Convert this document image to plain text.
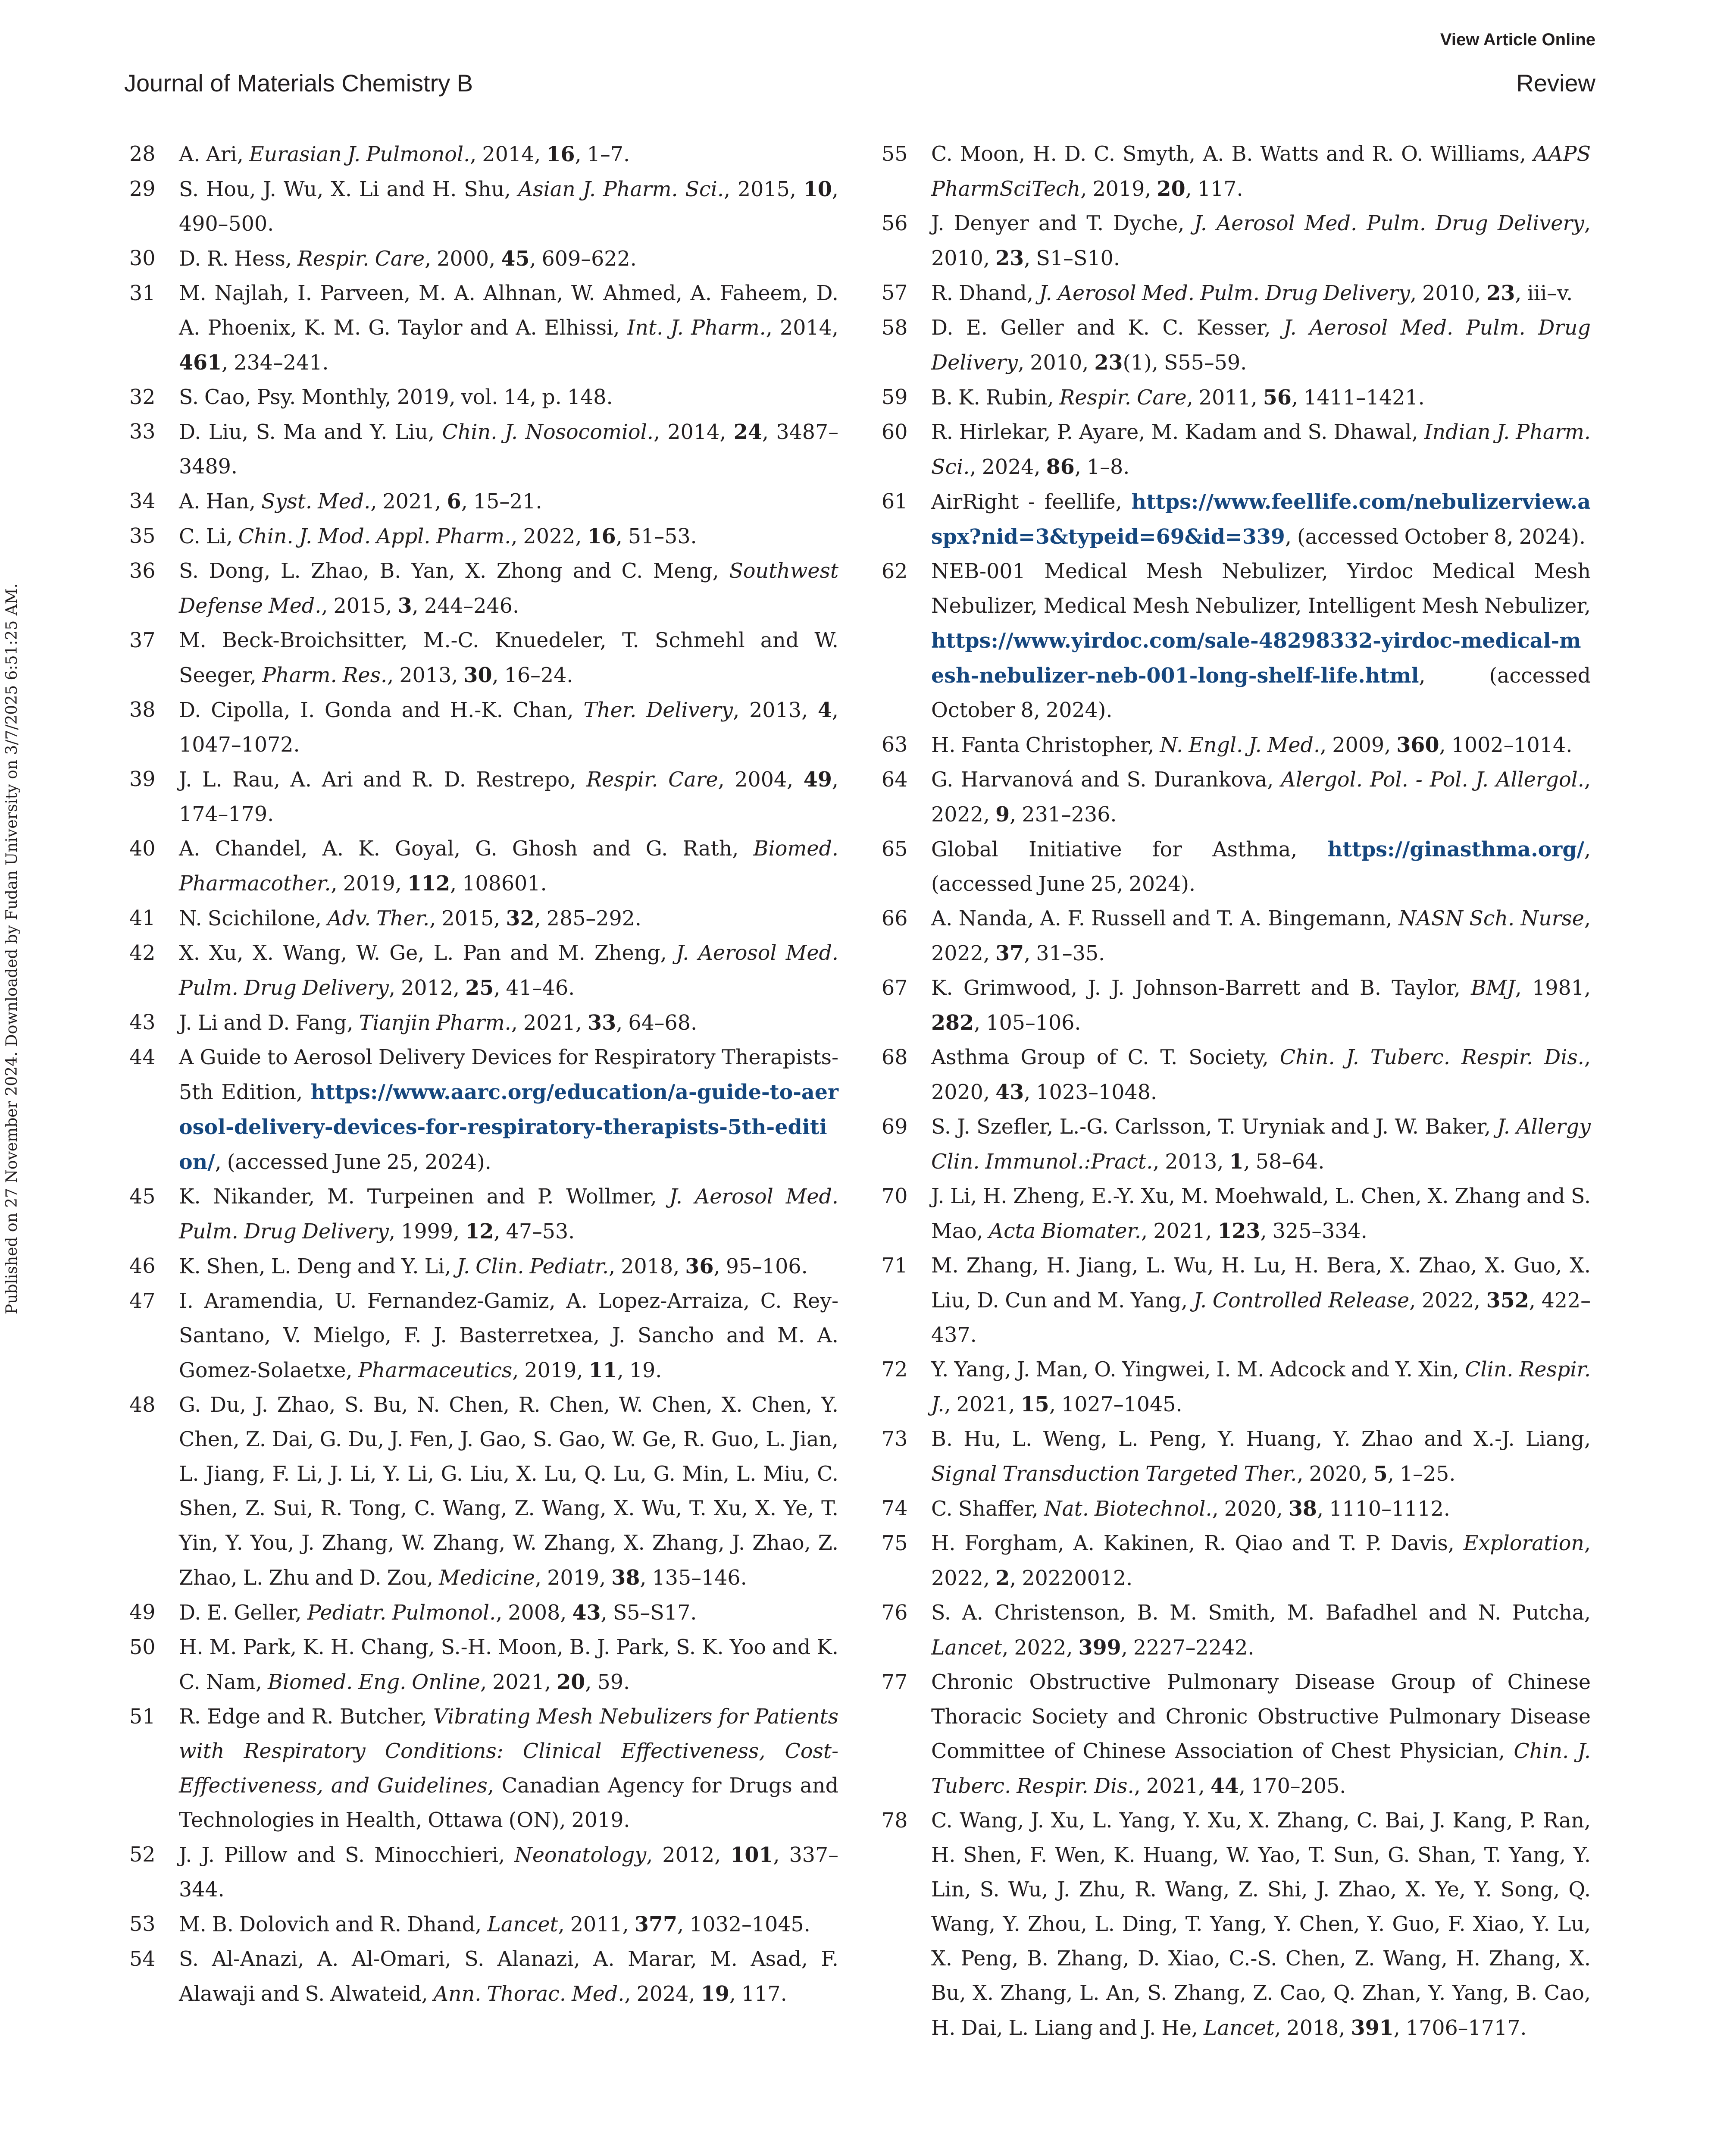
View Article Online
Journal of Materials Chemistry B	Review
Published on 27 November 2024. Downloaded by Fudan University on 3/7/2025 6:51:25 AM.
28	A. Ari, Eurasian J. Pulmonol., 2014, 16, 1–7.
29	S. Hou, J. Wu, X. Li and H. Shu, Asian J. Pharm. Sci., 2015, 10, 490–500.
30	D. R. Hess, Respir. Care, 2000, 45, 609–622.
31	M. Najlah, I. Parveen, M. A. Alhnan, W. Ahmed, A. Faheem, D. A. Phoenix, K. M. G. Taylor and A. Elhissi, Int. J. Pharm., 2014, 461, 234–241.
32	S. Cao, Psy. Monthly, 2019, vol. 14, p. 148.
33	D. Liu, S. Ma and Y. Liu, Chin. J. Nosocomiol., 2014, 24, 3487–3489.
34	A. Han, Syst. Med., 2021, 6, 15–21.
35	C. Li, Chin. J. Mod. Appl. Pharm., 2022, 16, 51–53.
36	S. Dong, L. Zhao, B. Yan, X. Zhong and C. Meng, Southwest Defense Med., 2015, 3, 244–246.
37	M. Beck-Broichsitter, M.-C. Knuedeler, T. Schmehl and W. Seeger, Pharm. Res., 2013, 30, 16–24.
38	D. Cipolla, I. Gonda and H.-K. Chan, Ther. Delivery, 2013, 4, 1047–1072.
39	J. L. Rau, A. Ari and R. D. Restrepo, Respir. Care, 2004, 49, 174–179.
40	A. Chandel, A. K. Goyal, G. Ghosh and G. Rath, Biomed. Pharmacother., 2019, 112, 108601.
41	N. Scichilone, Adv. Ther., 2015, 32, 285–292.
42	X. Xu, X. Wang, W. Ge, L. Pan and M. Zheng, J. Aerosol Med. Pulm. Drug Delivery, 2012, 25, 41–46.
43	J. Li and D. Fang, Tianjin Pharm., 2021, 33, 64–68.
44	A Guide to Aerosol Delivery Devices for Respiratory Therapists- 5th Edition, https://www.aarc.org/education/a-guide-to-aerosol-delivery-devices-for-respiratory-therapists-5th-edition/, (accessed June 25, 2024).
45	K. Nikander, M. Turpeinen and P. Wollmer, J. Aerosol Med. Pulm. Drug Delivery, 1999, 12, 47–53.
46	K. Shen, L. Deng and Y. Li, J. Clin. Pediatr., 2018, 36, 95–106.
47	I. Aramendia, U. Fernandez-Gamiz, A. Lopez-Arraiza, C. Rey-Santano, V. Mielgo, F. J. Basterretxea, J. Sancho and M. A. Gomez-Solaetxe, Pharmaceutics, 2019, 11, 19.
48	G. Du, J. Zhao, S. Bu, N. Chen, R. Chen, W. Chen, X. Chen, Y. Chen, Z. Dai, G. Du, J. Fen, J. Gao, S. Gao, W. Ge, R. Guo, L. Jian, L. Jiang, F. Li, J. Li, Y. Li, G. Liu, X. Lu, Q. Lu, G. Min, L. Miu, C. Shen, Z. Sui, R. Tong, C. Wang, Z. Wang, X. Wu, T. Xu, X. Ye, T. Yin, Y. You, J. Zhang, W. Zhang, W. Zhang, X. Zhang, J. Zhao, Z. Zhao, L. Zhu and D. Zou, Medicine, 2019, 38, 135–146.
49	D. E. Geller, Pediatr. Pulmonol., 2008, 43, S5–S17.
50	H. M. Park, K. H. Chang, S.-H. Moon, B. J. Park, S. K. Yoo and K. C. Nam, Biomed. Eng. Online, 2021, 20, 59.
51	R. Edge and R. Butcher, Vibrating Mesh Nebulizers for Patients with Respiratory Conditions: Clinical Effectiveness, Cost-Effectiveness, and Guidelines, Canadian Agency for Drugs and Technologies in Health, Ottawa (ON), 2019.
52	J. J. Pillow and S. Minocchieri, Neonatology, 2012, 101, 337–344.
53	M. B. Dolovich and R. Dhand, Lancet, 2011, 377, 1032–1045.
54	S. Al-Anazi, A. Al-Omari, S. Alanazi, A. Marar, M. Asad, F. Alawaji and S. Alwateid, Ann. Thorac. Med., 2024, 19, 117.
55	C. Moon, H. D. C. Smyth, A. B. Watts and R. O. Williams, AAPS PharmSciTech, 2019, 20, 117.
56	J. Denyer and T. Dyche, J. Aerosol Med. Pulm. Drug Delivery, 2010, 23, S1–S10.
57	R. Dhand, J. Aerosol Med. Pulm. Drug Delivery, 2010, 23, iii–v.
58	D. E. Geller and K. C. Kesser, J. Aerosol Med. Pulm. Drug Delivery, 2010, 23(1), S55–59.
59	B. K. Rubin, Respir. Care, 2011, 56, 1411–1421.
60	R. Hirlekar, P. Ayare, M. Kadam and S. Dhawal, Indian J. Pharm. Sci., 2024, 86, 1–8.
61	AirRight - feellife, https://www.feellife.com/nebulizerview.aspx?nid=3&typeid=69&id=339, (accessed October 8, 2024).
62	NEB-001 Medical Mesh Nebulizer, Yirdoc Medical Mesh Nebulizer, Medical Mesh Nebulizer, Intelligent Mesh Nebulizer, https://www.yirdoc.com/sale-48298332-yirdoc-medical-mesh-nebulizer-neb-001-long-shelf-life.html, (accessed October 8, 2024).
63	H. Fanta Christopher, N. Engl. J. Med., 2009, 360, 1002–1014.
64	G. Harvanová and S. Durankova, Alergol. Pol. - Pol. J. Allergol., 2022, 9, 231–236.
65	Global Initiative for Asthma, https://ginasthma.org/, (accessed June 25, 2024).
66	A. Nanda, A. F. Russell and T. A. Bingemann, NASN Sch. Nurse, 2022, 37, 31–35.
67	K. Grimwood, J. J. Johnson-Barrett and B. Taylor, BMJ, 1981, 282, 105–106.
68	Asthma Group of C. T. Society, Chin. J. Tuberc. Respir. Dis., 2020, 43, 1023–1048.
69	S. J. Szefler, L.-G. Carlsson, T. Uryniak and J. W. Baker, J. Allergy Clin. Immunol.:Pract., 2013, 1, 58–64.
70	J. Li, H. Zheng, E.-Y. Xu, M. Moehwald, L. Chen, X. Zhang and S. Mao, Acta Biomater., 2021, 123, 325–334.
71	M. Zhang, H. Jiang, L. Wu, H. Lu, H. Bera, X. Zhao, X. Guo, X. Liu, D. Cun and M. Yang, J. Controlled Release, 2022, 352, 422–437.
72	Y. Yang, J. Man, O. Yingwei, I. M. Adcock and Y. Xin, Clin. Respir. J., 2021, 15, 1027–1045.
73	B. Hu, L. Weng, L. Peng, Y. Huang, Y. Zhao and X.-J. Liang, Signal Transduction Targeted Ther., 2020, 5, 1–25.
74	C. Shaffer, Nat. Biotechnol., 2020, 38, 1110–1112.
75	H. Forgham, A. Kakinen, R. Qiao and T. P. Davis, Exploration, 2022, 2, 20220012.
76	S. A. Christenson, B. M. Smith, M. Bafadhel and N. Putcha, Lancet, 2022, 399, 2227–2242.
77	Chronic Obstructive Pulmonary Disease Group of Chinese Thoracic Society and Chronic Obstructive Pulmonary Disease Committee of Chinese Association of Chest Physician, Chin. J. Tuberc. Respir. Dis., 2021, 44, 170–205.
78	C. Wang, J. Xu, L. Yang, Y. Xu, X. Zhang, C. Bai, J. Kang, P. Ran, H. Shen, F. Wen, K. Huang, W. Yao, T. Sun, G. Shan, T. Yang, Y. Lin, S. Wu, J. Zhu, R. Wang, Z. Shi, J. Zhao, X. Ye, Y. Song, Q. Wang, Y. Zhou, L. Ding, T. Yang, Y. Chen, Y. Guo, F. Xiao, Y. Lu, X. Peng, B. Zhang, D. Xiao, C.-S. Chen, Z. Wang, H. Zhang, X. Bu, X. Zhang, L. An, S. Zhang, Z. Cao, Q. Zhan, Y. Yang, B. Cao, H. Dai, L. Liang and J. He, Lancet, 2018, 391, 1706–1717.
